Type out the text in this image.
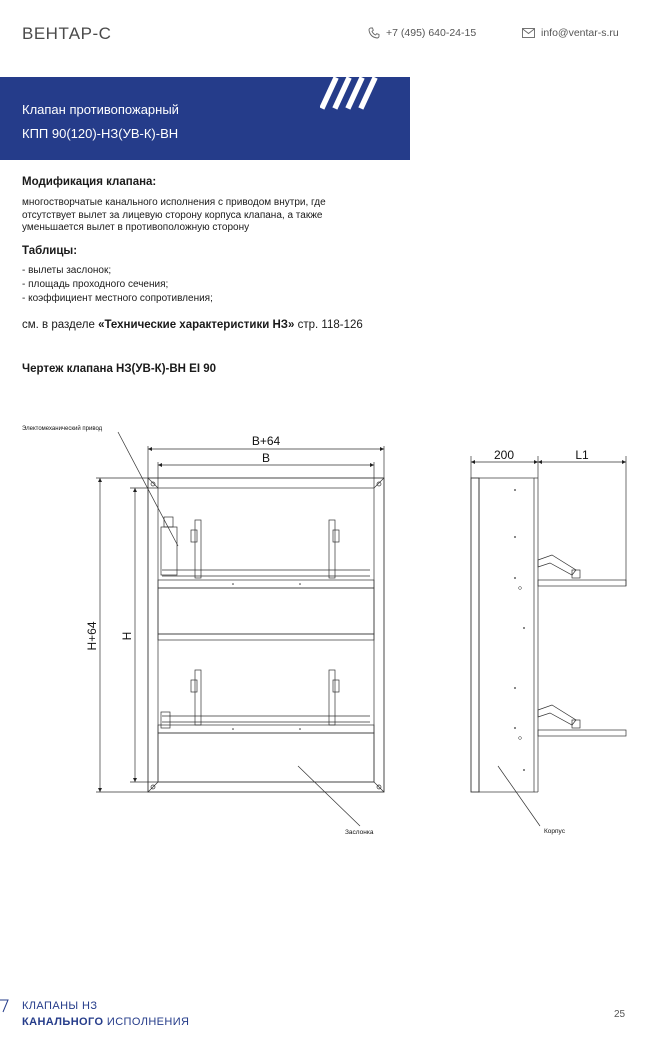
ВЕНТАР-С	+7 (495) 640-24-15	info@ventar-s.ru
Клапан противопожарный
КПП 90(120)-НЗ(УВ-К)-ВН
Модификация клапана:
многостворчатые канального исполнения с приводом внутри, где
отсутствует вылет за лицевую сторону корпуса клапана, а также
уменьшается вылет в противоположную сторону
Таблицы:
- вылеты заслонок;
- площадь проходного сечения;
- коэффициент местного сопротивления;
см. в разделе «Технические характеристики НЗ» стр. 118-126
Чертеж клапана НЗ(УВ-К)-ВН EI 90
Электомеханический привод
B+64
B
H+64 H
200	L1
Заслонка	Корпус
КЛАПАНЫ НЗ
КАНАЛЬНОГО ИСПОЛНЕНИЯ
25
